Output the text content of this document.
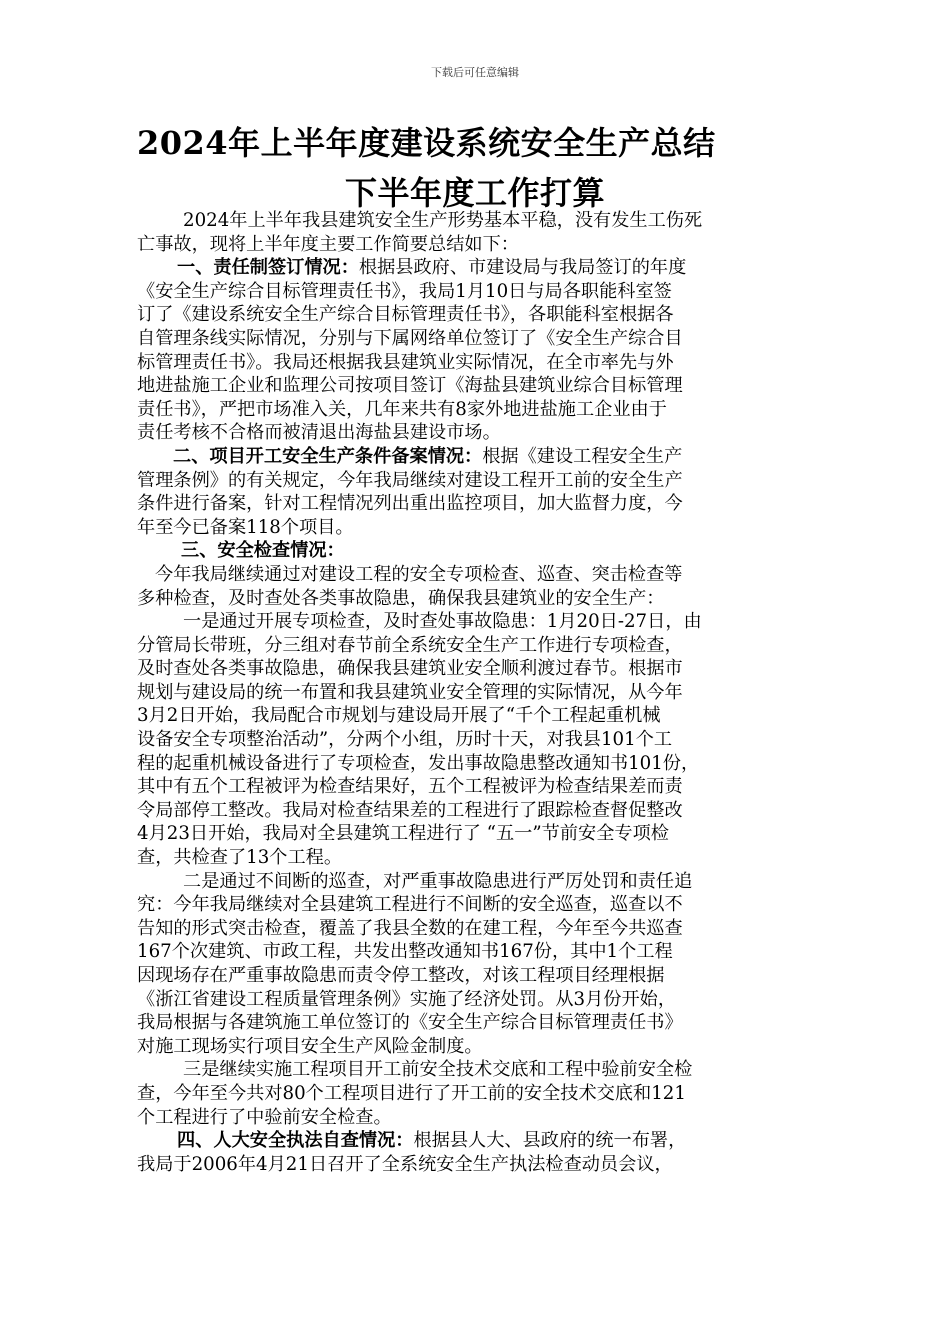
下载后可任意编辑
2024年上半年度建设系统安全生产总结
下半年度工作打算
2024年上半年我县建筑安全生产形势基本平稳，没有发生工伤死
亡事故，现将上半年度主要工作简要总结如下：
一、责任制签订情况：根据县政府、市建设局与我局签订的年度
《安全生产综合目标管理责任书》，我局1月10日与局各职能科室签
订了《建设系统安全生产综合目标管理责任书》，各职能科室根据各
自管理条线实际情况，分别与下属网络单位签订了《安全生产综合目
标管理责任书》。我局还根据我县建筑业实际情况，在全市率先与外
地进盐施工企业和监理公司按项目签订《海盐县建筑业综合目标管理
责任书》，严把市场准入关，几年来共有8家外地进盐施工企业由于
责任考核不合格而被清退出海盐县建设市场。
二、项目开工安全生产条件备案情况：根据《建设工程安全生产
管理条例》的有关规定，今年我局继续对建设工程开工前的安全生产
条件进行备案，针对工程情况列出重出监控项目，加大监督力度，今
年至今已备案118个项目。
三、安全检查情况：
今年我局继续通过对建设工程的安全专项检查、巡查、突击检查等
多种检查，及时查处各类事故隐患，确保我县建筑业的安全生产：
一是通过开展专项检查，及时查处事故隐患：1月20日-27日，由
分管局长带班，分三组对春节前全系统安全生产工作进行专项检查，
及时查处各类事故隐患，确保我县建筑业安全顺利渡过春节。根据市
规划与建设局的统一布置和我县建筑业安全管理的实际情况，从今年
3月2日开始，我局配合市规划与建设局开展了“千个工程起重机械
设备安全专项整治活动”，分两个小组，历时十天，对我县101个工
程的起重机械设备进行了专项检查，发出事故隐患整改通知书101份，
其中有五个工程被评为检查结果好，五个工程被评为检查结果差而责
令局部停工整改。我局对检查结果差的工程进行了跟踪检查督促整改
4月23日开始，我局对全县建筑工程进行了 “五一”节前安全专项检
查，共检查了13个工程。
二是通过不间断的巡查，对严重事故隐患进行严厉处罚和责任追
究：今年我局继续对全县建筑工程进行不间断的安全巡查，巡查以不
告知的形式突击检查，覆盖了我县全数的在建工程，今年至今共巡查
167个次建筑、市政工程，共发出整改通知书167份，其中1个工程
因现场存在严重事故隐患而责令停工整改，对该工程项目经理根据
《浙江省建设工程质量管理条例》实施了经济处罚。从3月份开始，
我局根据与各建筑施工单位签订的《安全生产综合目标管理责任书》
对施工现场实行项目安全生产风险金制度。
三是继续实施工程项目开工前安全技术交底和工程中验前安全检
查，今年至今共对80个工程项目进行了开工前的安全技术交底和121
个工程进行了中验前安全检查。
四、人大安全执法自查情况：根据县人大、县政府的统一布署，
我局于2006年4月21日召开了全系统安全生产执法检查动员会议，
